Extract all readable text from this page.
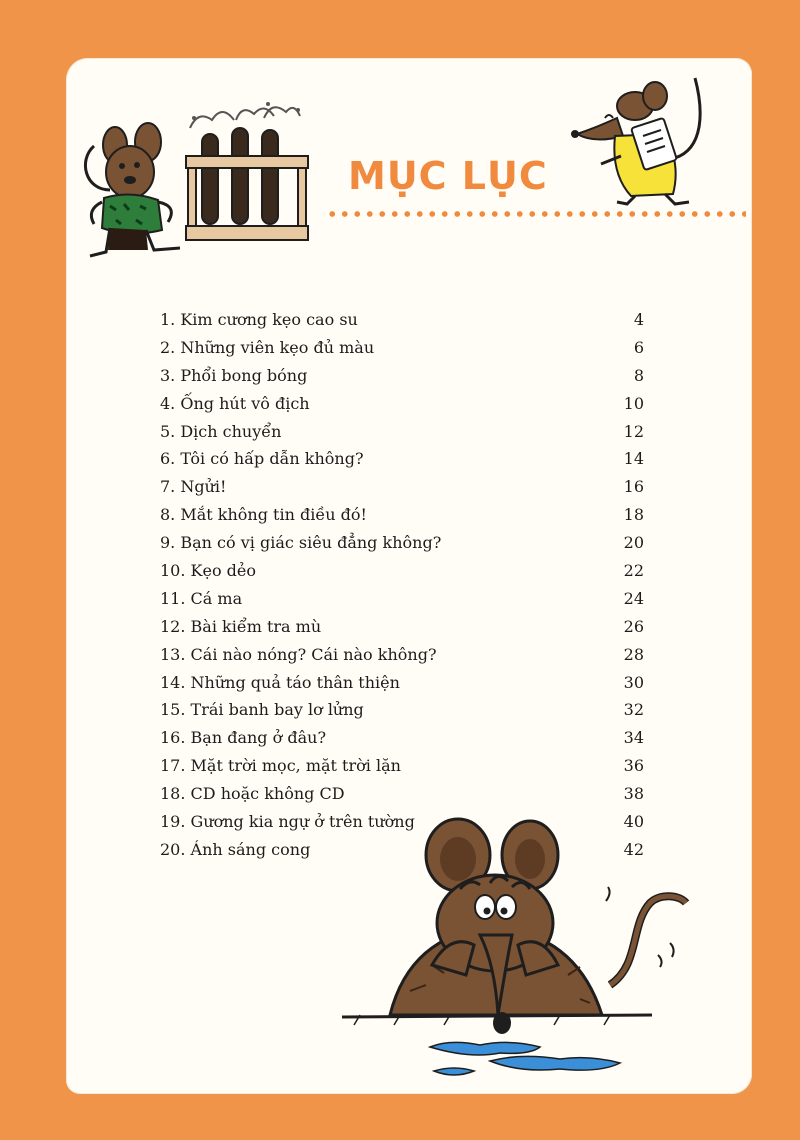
MỤC LỤC
1. Kim cương kẹo cao su	4
2. Những viên kẹo đủ màu	6
3. Phổi bong bóng	8
4. Ống hút vô địch	10
5. Dịch chuyển	12
6. Tôi có hấp dẫn không?	14
7. Ngửi!	16
8. Mắt không tin điều đó!	18
9. Bạn có vị giác siêu đẳng không?	20
10. Kẹo dẻo	22
11. Cá ma	24
12. Bài kiểm tra mù	26
13. Cái nào nóng? Cái nào không?	28
14. Những quả táo thân thiện	30
15. Trái banh bay lơ lửng	32
16. Bạn đang ở đâu?	34
17. Mặt trời mọc, mặt trời lặn	36
18. CD hoặc không CD	38
19. Gương kia ngự ở trên tường	40
20. Ánh sáng cong	42
